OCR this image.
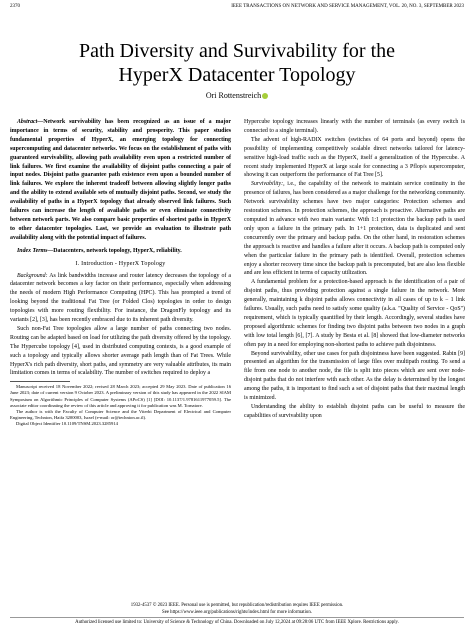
2370	IEEE TRANSACTIONS ON NETWORK AND SERVICE MANAGEMENT, VOL. 20, NO. 3, SEPTEMBER 2023
Path Diversity and Survivability for the
HyperX Datacenter Topology
Ori Rottenstreich

Abstract—Network survivability has been recognized as an issue of a major importance in terms of security, stability and prosperity. This paper studies fundamental properties of HyperX, an emerging topology for connecting supercomputing and datacenter networks. We focus on the establishment of paths with guaranteed survivability, allowing path availability even upon a restricted number of link failures. We first examine the availability of disjoint paths connecting a pair of input nodes. Disjoint paths guarantee path existence even upon a bounded number of link failures. We explore the inherent tradeoff between allowing slightly longer paths and the ability to extend available sets of mutually disjoint paths. Second, we study the availability of paths in a HyperX topology that already observed link failures. Such failures can increase the length of available paths or even eliminate connectivity between network parts. We also compare basic properties of shortest paths in HyperX to other datacenter topologies. Last, we provide an evaluation to illustrate path availability along with the potential impact of failures.

Index Terms—Datacenters, network topology, HyperX, reliability.

I. Introduction - HyperX Topology

Background: As link bandwidths increase and router latency decreases the topology of a datacenter network becomes a key factor on their performance, especially when addressing the needs of modern High Performance Computing (HPC). This has prompted a trend of looking beyond the traditional Fat Tree (or Folded Clos) topologies in order to design topologies with more routing flexibility. For instance, the DragonFly topology and its variants [2], [3], has been recently embraced due to its inherent path diversity.

Such non-Fat Tree topologies allow a large number of paths connecting two nodes. Routing can be adapted based on load for utilizing the path diversity offered by the topology. The Hypercube topology [4], used in distributed computing contexts, is a good example of such a topology and typically allows shorter average path length than of Fat Trees. While HyperX's rich path diversity, short paths, and symmetry are very valuable attributes, its main limitation comes in terms of scalability. The number of switches required to deploy a

Manuscript received 18 November 2022; revised 28 March 2023; accepted 29 May 2023. Date of publication 16 June 2023; date of current version 9 October 2023. A preliminary version of this study has appeared in the 2022 SIAM Symposium on Algorithmic Principles of Computer Systems (APoCS) [1] [DOI: 10.1137/1.9781611977059.5]. The associate editor coordinating the review of this article and approving it for publication was M. Tornatore.

The author is with the Faculty of Computer Science and the Viterbi Department of Electrical and Computer Engineering, Technion, Haifa 3200003, Israel (e-mail: or@technion.ac.il).

Digital Object Identifier 10.1109/TNSM.2023.3285914

Hypercube topology increases linearly with the number of terminals (as every switch is connected to a single terminal).

The advent of high-RADIX switches (switches of 64 ports and beyond) opens the possibility of implementing competitively scalable direct networks tailored for latency-sensitive high-load traffic such as the HyperX, itself a generalization of the Hypercube. A recent study implemented HyperX at large scale for connecting a 3 Pflop/s supercomputer, showing it can outperform the performance of Fat Tree [5].

Survivability:, i.e., the capability of the network to maintain service continuity in the presence of failures, has been considered as a major challenge for the networking community. Network survivability schemes have two major categories: Protection schemes and restoration schemes. In protection schemes, the approach is proactive. Alternative paths are computed in advance with two main variants: With 1:1 protection the backup path is used only upon a failure in the primary path. In 1+1 protection, data is duplicated and sent concurrently over the primary and backup paths. On the other hand, in restoration schemes the approach is reactive and handles a failure after it occurs. A backup path is computed only when the particular failure in the primary path is identified. Overall, protection schemes enjoy a shorter recovery time since the backup path is precomputed, but are also less flexible and are less efficient in terms of capacity utilization.

A fundamental problem for a protection-based approach is the identification of a pair of disjoint paths, thus providing protection against a single failure in the network. More generally, maintaining k disjoint paths allows connectivity in all cases of up to k − 1 link failures. Usually, such paths need to satisfy some quality (a.k.a. "Quality of Service - QoS") requirement, which is typically quantified by their length. Accordingly, several studies have proposed algorithmic schemes for finding two disjoint paths between two nodes in a graph with low total length [6], [7]. A study by Besta et al. [8] showed that low-diameter networks often pay in a need for employing non-shortest paths to achieve path disjointness.

Beyond survivability, other use cases for path disjointness have been suggested. Rabin [9] presented an algorithm for the transmission of large files over multipath routing. To send a file from one node to another node, the file is split into pieces which are sent over node-disjoint paths that do not interfere with each other. As the delay is determined by the longest among the paths, it is important to find such a set of disjoint paths that their maximal length is minimized.

Understanding the ability to establish disjoint paths can be useful to measure the capabilities of survivability upon

1932-4537 © 2023 IEEE. Personal use is permitted, but republication/redistribution requires IEEE permission.
See https://www.ieee.org/publications/rights/index.html for more information.
Authorized licensed use limited to: University of Science & Technology of China. Downloaded on July 12,2024 at 09:28:06 UTC from IEEE Xplore. Restrictions apply.
